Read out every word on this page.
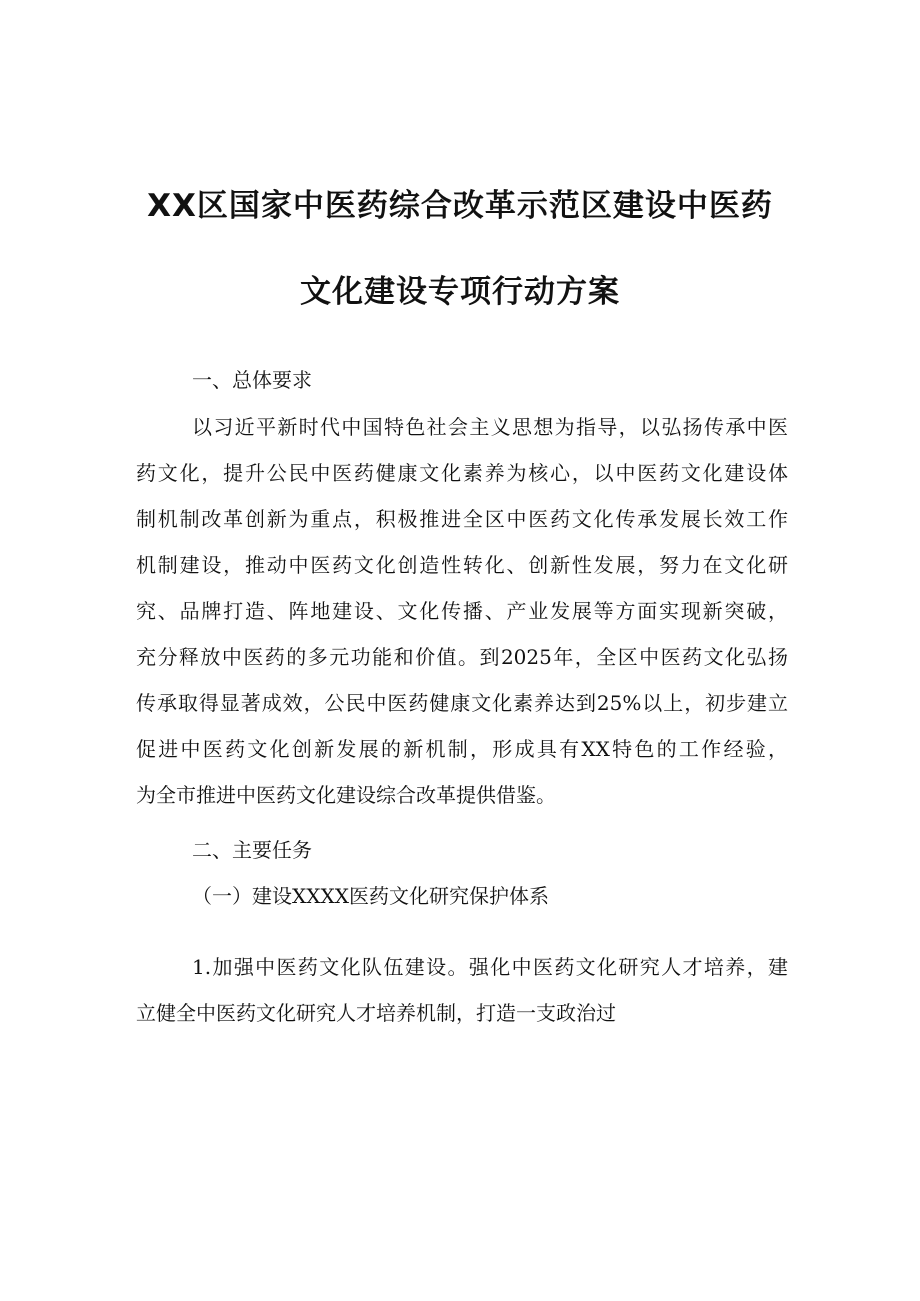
XX区国家中医药综合改革示范区建设中医药
文化建设专项行动方案
一、总体要求
以习近平新时代中国特色社会主义思想为指导，以弘扬传承中医
药文化，提升公民中医药健康文化素养为核心，以中医药文化建设体
制机制改革创新为重点，积极推进全区中医药文化传承发展长效工作
机制建设，推动中医药文化创造性转化、创新性发展，努力在文化研
究、品牌打造、阵地建设、文化传播、产业发展等方面实现新突破，
充分释放中医药的多元功能和价值。到2025年，全区中医药文化弘扬
传承取得显著成效，公民中医药健康文化素养达到25%以上，初步建立
促进中医药文化创新发展的新机制，形成具有XX特色的工作经验，
为全市推进中医药文化建设综合改革提供借鉴。
二、主要任务
（一）建设XXXX医药文化研究保护体系
1.加强中医药文化队伍建设。强化中医药文化研究人才培养，建
立健全中医药文化研究人才培养机制，打造一支政治过
